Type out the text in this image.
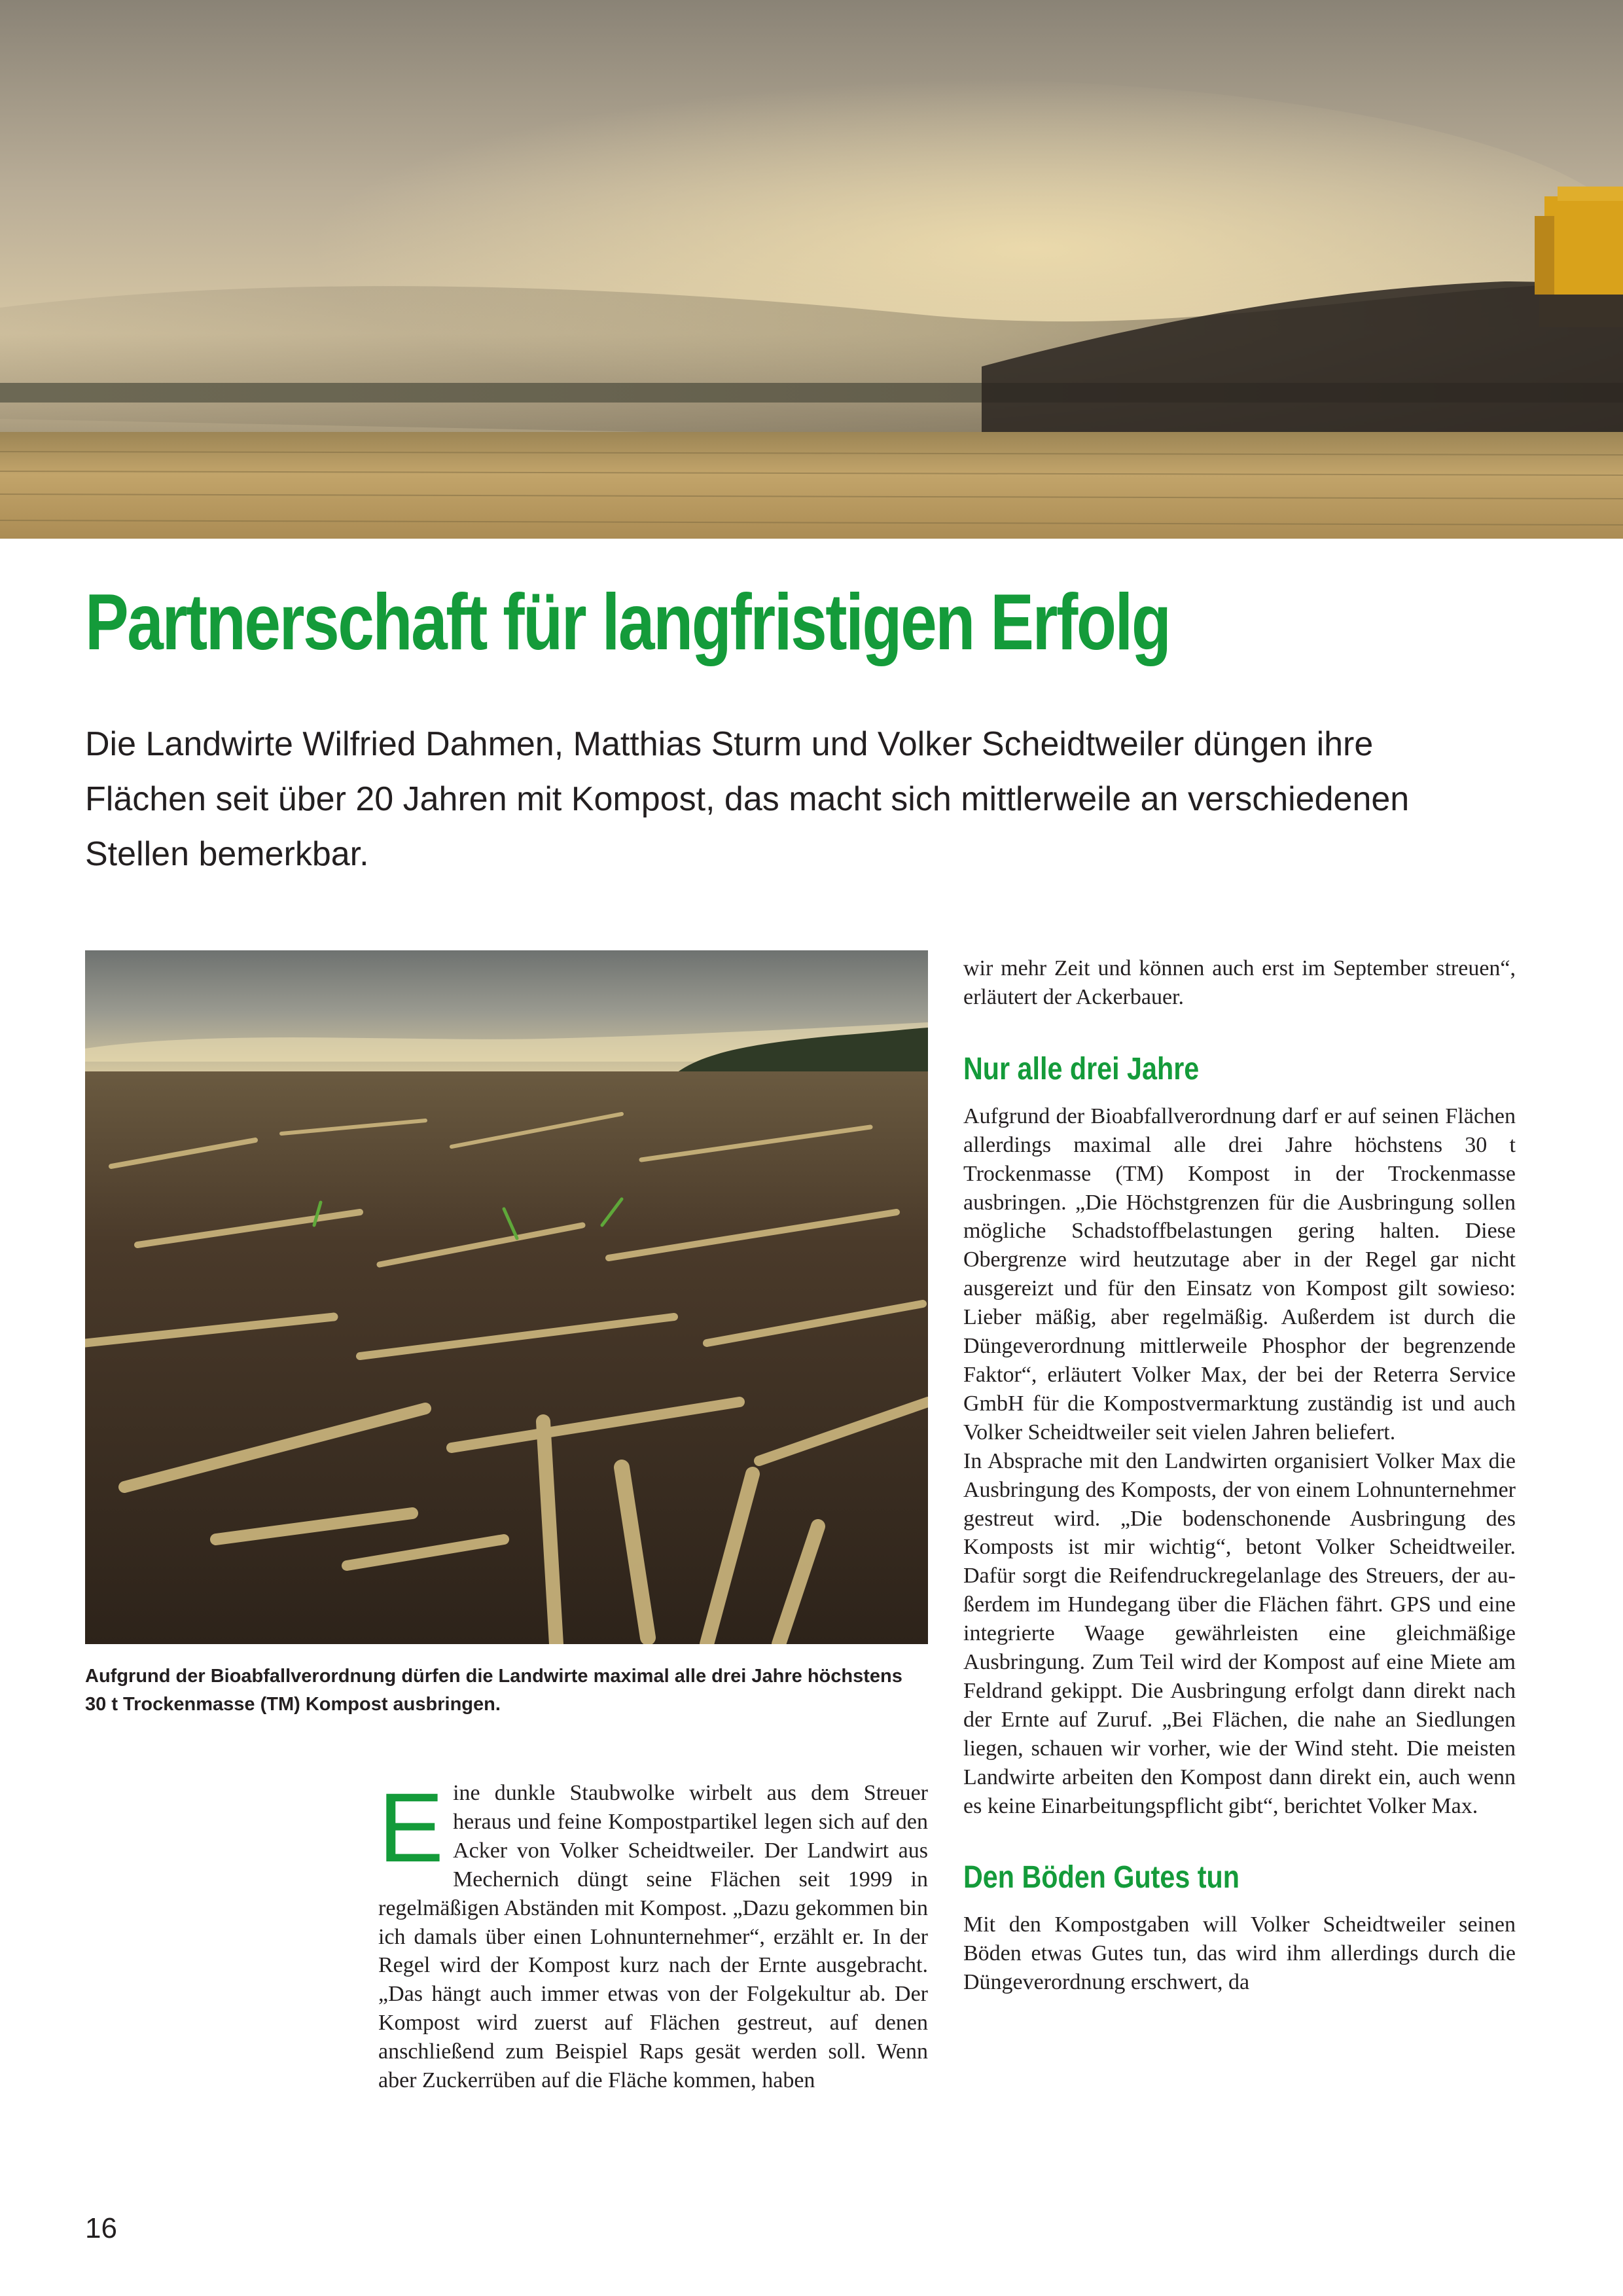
Partnerschaft für langfristigen Erfolg

Die Landwirte Wilfried Dahmen, Matthias Sturm und Volker Scheidtweiler düngen ihre Flächen seit über 20 Jahren mit Kompost, das macht sich mittlerweile an verschiedenen Stellen bemerkbar.

Aufgrund der Bioabfallverordnung dürfen die Landwirte maximal alle drei Jahre höchstens 30 t Trockenmasse (TM) Kompost ausbringen.

Eine dunkle Staubwolke wirbelt aus dem Streuer heraus und feine Kompostpartikel legen sich auf den Acker von Volker Scheidtweiler. Der Landwirt aus Mechernich düngt seine Flächen seit 1999 in regelmäßigen Abständen mit Kompost. „Dazu gekommen bin ich damals über einen Lohnunternehmer“, erzählt er. In der Regel wird der Kompost kurz nach der Ernte ausgebracht. „Das hängt auch immer etwas von der Folgekultur ab. Der Kompost wird zuerst auf Flächen gestreut, auf denen anschließend zum Beispiel Raps gesät werden soll. Wenn aber Zuckerrüben auf die Fläche kommen, haben

wir mehr Zeit und können auch erst im September streuen“, erläutert der Ackerbauer.

Nur alle drei Jahre

Aufgrund der Bioabfallverordnung darf er auf seinen Flächen allerdings maximal alle drei Jahre höchstens 30 t Trockenmasse (TM) Kompost in der Trockenmasse ausbringen. „Die Höchstgrenzen für die Ausbringung sollen mögliche Schadstoffbelastungen gering halten. Diese Obergrenze wird heutzutage aber in der Regel gar nicht ausgereizt und für den Einsatz von Kompost gilt sowieso: Lieber mäßig, aber regelmäßig. Außerdem ist durch die Düngeverordnung mittlerweile Phosphor der begrenzende Faktor“, erläutert Volker Max, der bei der Reterra Service GmbH für die Kompostvermarktung zuständig ist und auch Volker Scheidtweiler seit vielen Jahren beliefert.

In Absprache mit den Landwirten organisiert Volker Max die Ausbringung des Komposts, der von einem Lohnunternehmer gestreut wird. „Die bodenschonende Ausbringung des Komposts ist mir wichtig“, betont Volker Scheidtweiler. Dafür sorgt die Reifendruckregelanlage des Streuers, der außerdem im Hundegang über die Flächen fährt. GPS und eine integrierte Waage gewährleisten eine gleichmäßige Ausbringung. Zum Teil wird der Kompost auf eine Miete am Feldrand gekippt. Die Ausbringung erfolgt dann direkt nach der Ernte auf Zuruf. „Bei Flächen, die nahe an Siedlungen liegen, schauen wir vorher, wie der Wind steht. Die meisten Landwirte arbeiten den Kompost dann direkt ein, auch wenn es keine Einarbeitungspflicht gibt“, berichtet Volker Max.

Den Böden Gutes tun

Mit den Kompostgaben will Volker Scheidtweiler seinen Böden etwas Gutes tun, das wird ihm allerdings durch die Düngeverordnung erschwert, da

16
